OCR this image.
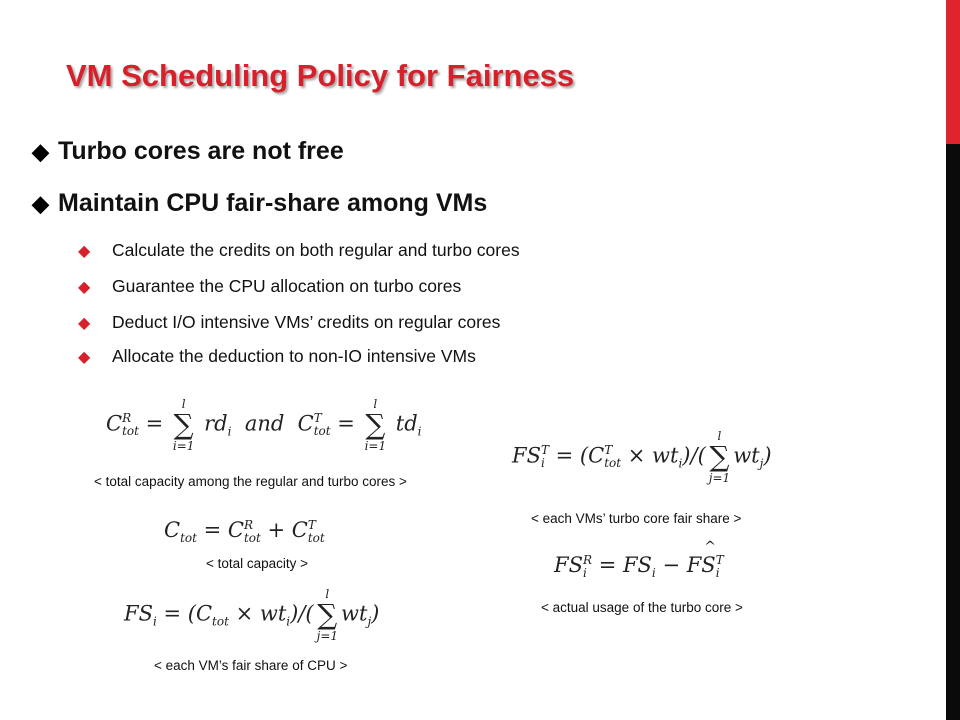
VM Scheduling Policy for Fairness
◆ Turbo cores are not free
◆ Maintain CPU fair-share among VMs
◆ Calculate the credits on both regular and turbo cores
◆ Guarantee the CPU allocation on turbo cores
◆ Deduct I/O intensive VMs’ credits on regular cores
◆ Allocate the deduction to non-IO intensive VMs
C R
tot =
l
∑
i=1
$rd_i$ and  C T
tot =
l
∑
i=1
$td_i$
< total capacity among the regular and turbo cores >
$C_{tot} = C$ R
tot + C T
tot
< total capacity >
$FS_i = (C_{tot} \times wt_i)/$(
l
∑
j=1
$wt_j$)
< each VM’s fair share of CPU >
FS T
i = (C T
tot × $wt_i)/$(
l
∑
j=1
$wt_j$)
< each VMs’ turbo core fair share >
FS R
$i = FS_i$ − FS
^
T
i
< actual usage of the turbo core >
